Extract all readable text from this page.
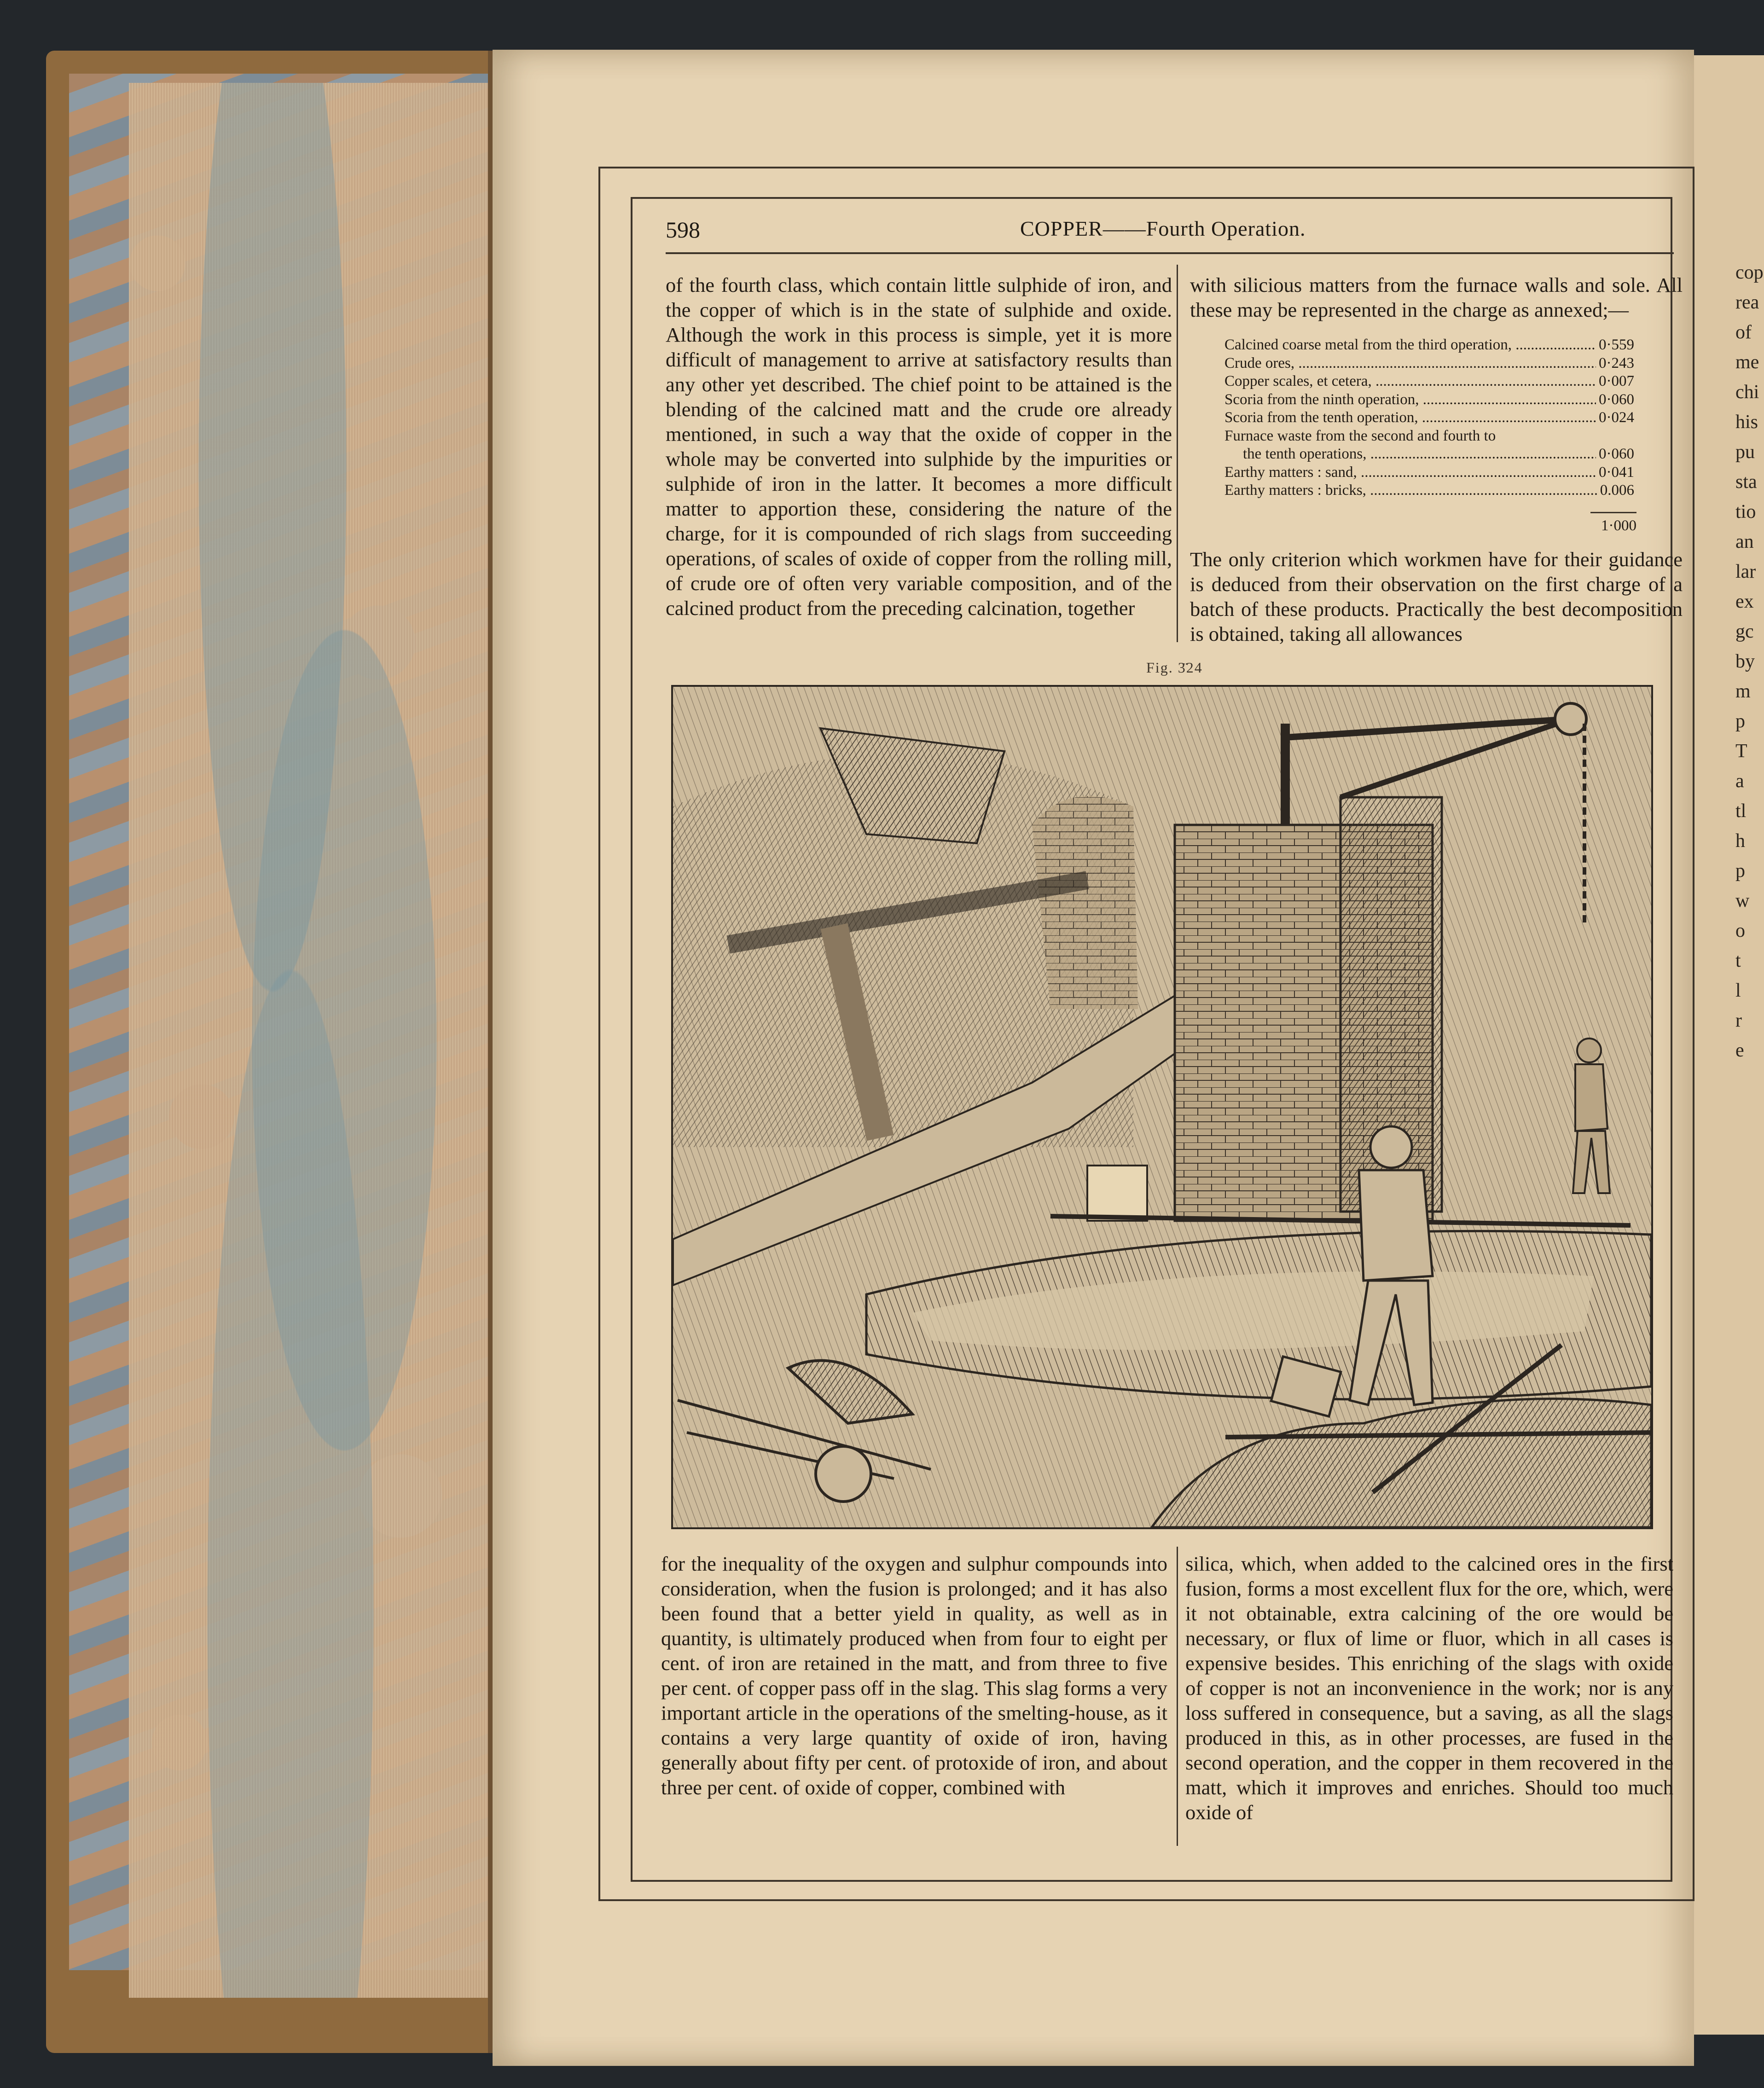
cop
rea
of
me
chi
his
pu
sta
tio
an
lar
ex
gc
by
m
p
T
a
tl
h
p
w
o
t
l
r
e
598	COPPER——Fourth Operation.

of the fourth class, which contain little sulphide of iron, and the copper of which is in the state of sulphide and oxide. Although the work in this process is simple, yet it is more difficult of management to arrive at satisfactory results than any other yet described. The chief point to be attained is the blending of the calcined matt and the crude ore already mentioned, in such a way that the oxide of copper in the whole may be converted into sulphide by the impurities or sulphide of iron in the latter. It becomes a more difficult matter to apportion these, considering the nature of the charge, for it is compounded of rich slags from succeeding operations, of scales of oxide of copper from the rolling mill, of crude ore of often very variable composition, and of the calcined product from the preceding calcination, together

with silicious matters from the furnace walls and sole. All these may be represented in the charge as annexed;—

Calcined coarse metal from the third operation, .....	0·559
Crude ores, .....	0·243
Copper scales, et cetera, .....	0·007
Scoria from the ninth operation, .....	0·060
Scoria from the tenth operation, .....	0·024
Furnace waste from the second and fourth to
the tenth operations, .....	0·060
Earthy matters : sand, .....	0·041
Earthy matters : bricks, .....	0.006
1·000

The only criterion which workmen have for their guidance is deduced from their observation on the first charge of a batch of these products. Practically the best decomposition is obtained, taking all allowances

Fig. 3̈24

for the inequality of the oxygen and sulphur compounds into consideration, when the fusion is prolonged; and it has also been found that a better yield in quality, as well as in quantity, is ultimately produced when from four to eight per cent. of iron are retained in the matt, and from three to five per cent. of copper pass off in the slag. This slag forms a very important article in the operations of the smelting-house, as it contains a very large quantity of oxide of iron, having generally about fifty per cent. of protoxide of iron, and about three per cent. of oxide of copper, combined with

silica, which, when added to the calcined ores in the first fusion, forms a most excellent flux for the ore, which, were it not obtainable, extra calcining of the ore would be necessary, or flux of lime or fluor, which in all cases is expensive besides. This enriching of the slags with oxide of copper is not an inconvenience in the work; nor is any loss suffered in consequence, but a saving, as all the slags produced in this, as in other processes, are fused in the second operation, and the copper in them recovered in the matt, which it improves and enriches. Should too much oxide of
